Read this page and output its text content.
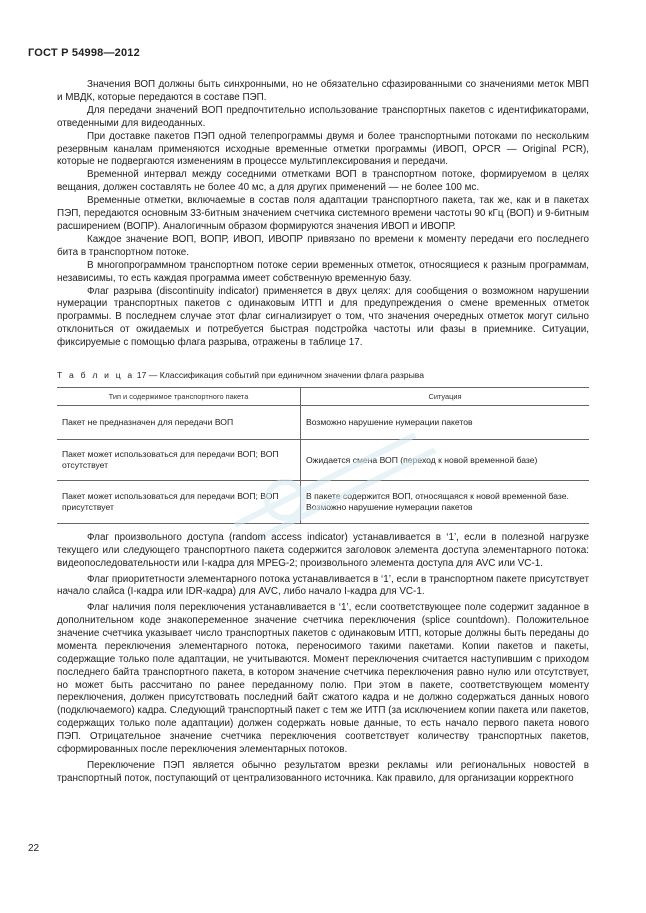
ГОСТ Р 54998—2012

Значения ВОП должны быть синхронными, но не обязательно сфазированными со значениями меток МВП и МВДК, которые передаются в составе ПЭП.

Для передачи значений ВОП предпочтительно использование транспортных пакетов с идентификаторами, отведенными для видеоданных.

При доставке пакетов ПЭП одной телепрограммы двумя и более транспортными потоками по нескольким резервным каналам применяются исходные временные отметки программы (ИВОП, OPCR — Original PCR), которые не подвергаются изменениям в процессе мультиплексирования и передачи.

Временной интервал между соседними отметками ВОП в транспортном потоке, формируемом в целях вещания, должен составлять не более 40 мс, а для других применений — не более 100 мс.

Временные отметки, включаемые в состав поля адаптации транспортного пакета, так же, как и в пакетах ПЭП, передаются основным 33-битным значением счетчика системного времени частоты 90 кГц (ВОП) и 9-битным расширением (ВОПР). Аналогичным образом формируются значения ИВОП и ИВОПР.

Каждое значение ВОП, ВОПР, ИВОП, ИВОПР привязано по времени к моменту передачи его последнего бита в транспортном потоке.

В многопрограммном транспортном потоке серии временных отметок, относящиеся к разным программам, независимы, то есть каждая программа имеет собственную временную базу.

Флаг разрыва (discontinuity indicator) применяется в двух целях: для сообщения о возможном нарушении нумерации транспортных пакетов с одинаковым ИТП и для предупреждения о смене временных отметок программы. В последнем случае этот флаг сигнализирует о том, что значения очередных отметок могут сильно отклониться от ожидаемых и потребуется быстрая подстройка частоты или фазы в приемнике. Ситуации, фиксируемые с помощью флага разрыва, отражены в таблице 17.

Т а б л и ц а 17 — Классификация событий при единичном значении флага разрыва
Тип и содержимое транспортного пакета	Ситуация
Пакет не предназначен для передачи ВОП	Возможно нарушение нумерации пакетов
Пакет может использоваться для передачи ВОП; ВОП отсутствует	Ожидается смена ВОП (переход к новой временной базе)
Пакет может использоваться для передачи ВОП; ВОП присутствует	В пакете содержится ВОП, относящаяся к новой временной базе. Возможно нарушение нумерации пакетов

Флаг произвольного доступа (random access indicator) устанавливается в ‘1’, если в полезной нагрузке текущего или следующего транспортного пакета содержится заголовок элемента доступа элементарного потока: видеопоследовательности или I-кадра для MPEG-2; произвольного элемента доступа для AVC или VC-1.

Флаг приоритетности элементарного потока устанавливается в ‘1’, если в транспортном пакете присутствует начало слайса (I-кадра или IDR-кадра) для AVC, либо начало I-кадра для VC-1.

Флаг наличия поля переключения устанавливается в ‘1’, если соответствующее поле содержит заданное в дополнительном коде знакопеременное значение счетчика переключения (splice countdown). Положительное значение счетчика указывает число транспортных пакетов с одинаковым ИТП, которые должны быть переданы до момента переключения элементарного потока, переносимого такими пакетами. Копии пакетов и пакеты, содержащие только поле адаптации, не учитываются. Момент переключения считается наступившим с приходом последнего байта транспортного пакета, в котором значение счетчика переключения равно нулю или отсутствует, но может быть рассчитано по ранее переданному полю. При этом в пакете, соответствующем моменту переключения, должен присутствовать последний байт сжатого кадра и не должно содержаться данных нового (подключаемого) кадра. Следующий транспортный пакет с тем же ИТП (за исключением копии пакета или пакетов, содержащих только поле адаптации) должен содержать новые данные, то есть начало первого пакета нового ПЭП. Отрицательное значение счетчика переключения соответствует количеству транспортных пакетов, сформированных после переключения элементарных потоков.

Переключение ПЭП является обычно результатом врезки рекламы или региональных новостей в транспортный поток, поступающий от централизованного источника. Как правило, для организации корректного

22
